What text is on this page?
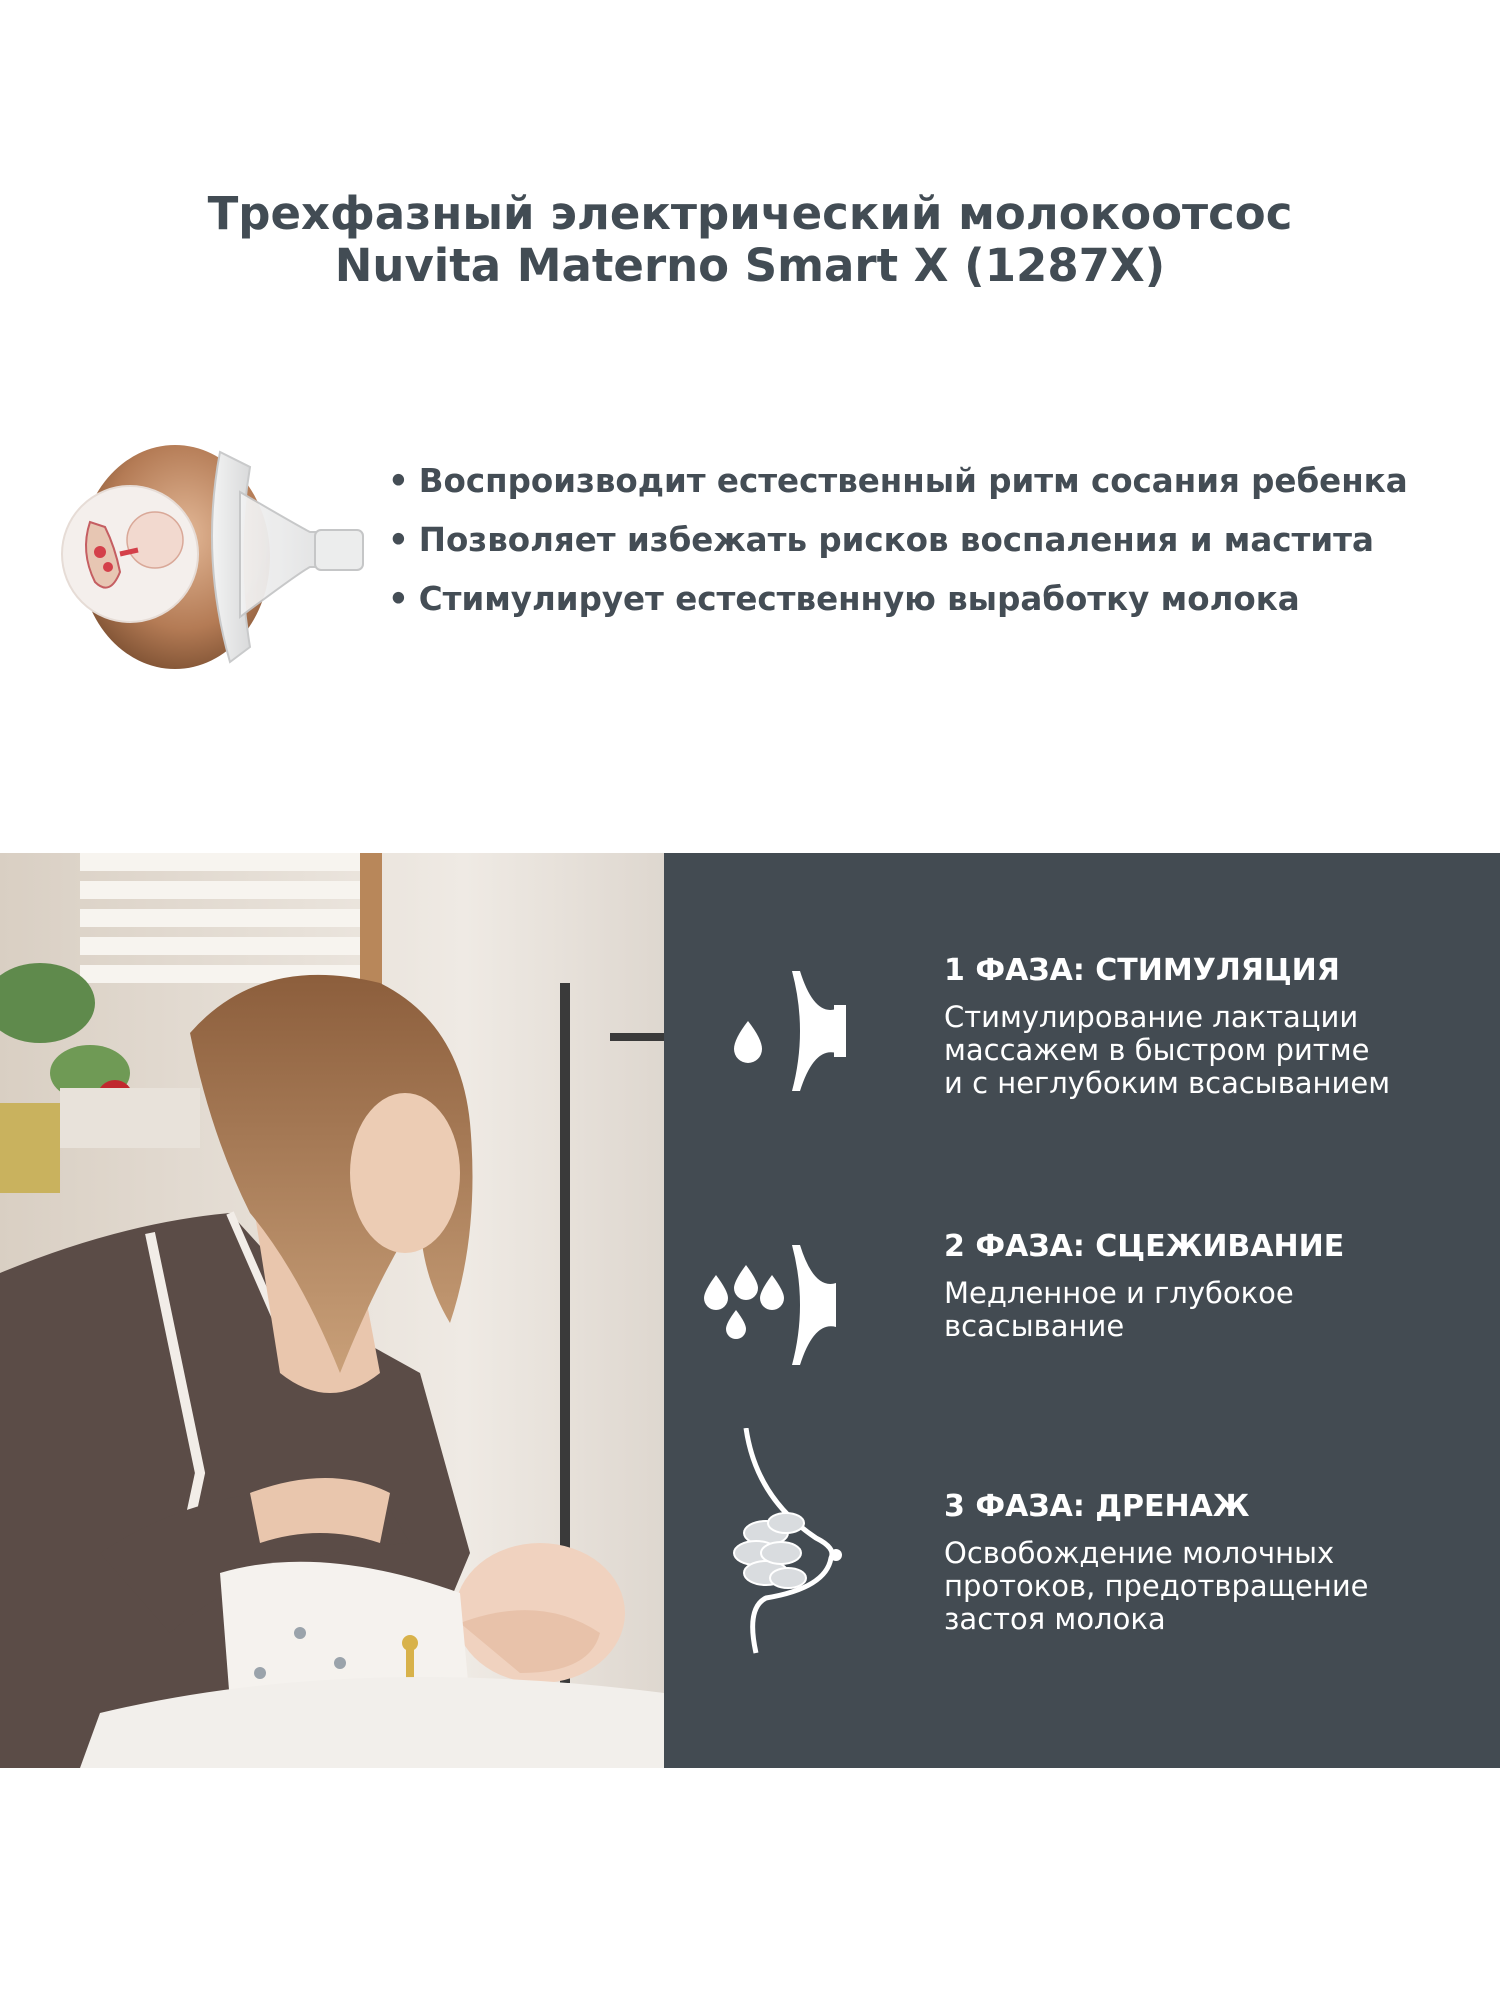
Трехфазный электрический молокоотсос
Nuvita Materno Smart X (1287X)
• Воспроизводит естественный ритм сосания ребенка
• Позволяет избежать рисков воспаления и мастита
• Стимулирует естественную выработку молока
1 ФАЗА: СТИМУЛЯЦИЯ
Стимулирование лактации
массажем в быстром ритме
и с неглубоким всасыванием
2 ФАЗА: СЦЕЖИВАНИЕ
Медленное и глубокое
всасывание
3 ФАЗА: ДРЕНАЖ
Освобождение молочных
протоков, предотвращение
застоя молока
